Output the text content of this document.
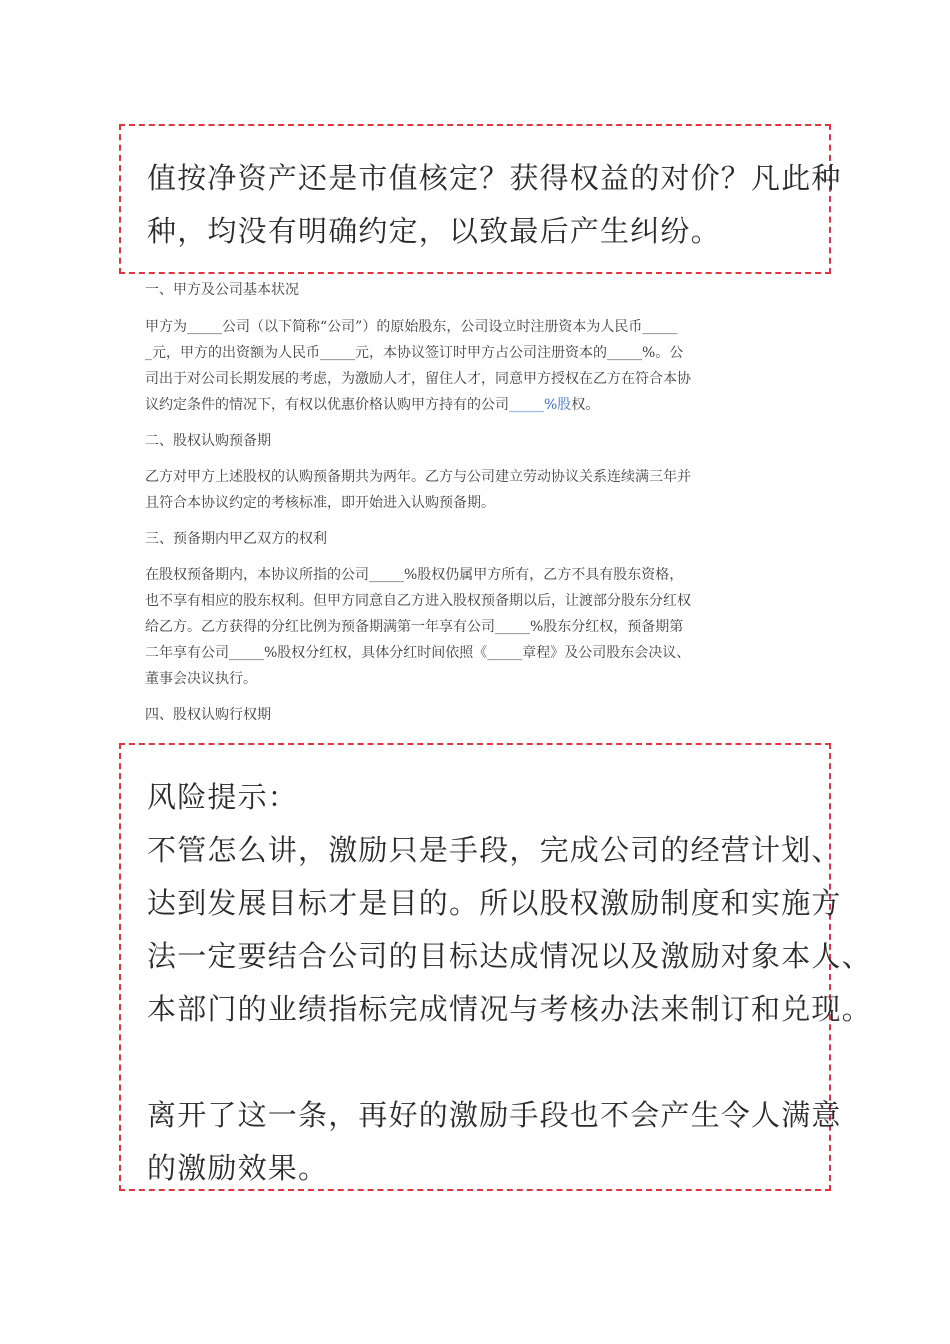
值按净资产还是市值核定？获得权益的对价？凡此种
种，均没有明确约定，以致最后产生纠纷。

一、甲方及公司基本状况

甲方为_____公司（以下简称“公司”）的原始股东，公司设立时注册资本为人民币_____
_元，甲方的出资额为人民币_____元，本协议签订时甲方占公司注册资本的_____%。公
司出于对公司长期发展的考虑，为激励人才，留住人才，同意甲方授权在乙方在符合本协
议约定条件的情况下，有权以优惠价格认购甲方持有的公司_____%股权。

二、股权认购预备期

乙方对甲方上述股权的认购预备期共为两年。乙方与公司建立劳动协议关系连续满三年并
且符合本协议约定的考核标准，即开始进入认购预备期。

三、预备期内甲乙双方的权利

在股权预备期内，本协议所指的公司_____%股权仍属甲方所有，乙方不具有股东资格，
也不享有相应的股东权利。但甲方同意自乙方进入股权预备期以后，让渡部分股东分红权
给乙方。乙方获得的分红比例为预备期满第一年享有公司_____%股东分红权，预备期第
二年享有公司_____%股权分红权，具体分红时间依照《_____章程》及公司股东会决议、
董事会决议执行。

四、股权认购行权期

风险提示：
不管怎么讲，激励只是手段，完成公司的经营计划、
达到发展目标才是目的。所以股权激励制度和实施方
法一定要结合公司的目标达成情况以及激励对象本人、
本部门的业绩指标完成情况与考核办法来制订和兑现。

离开了这一条，再好的激励手段也不会产生令人满意
的激励效果。
